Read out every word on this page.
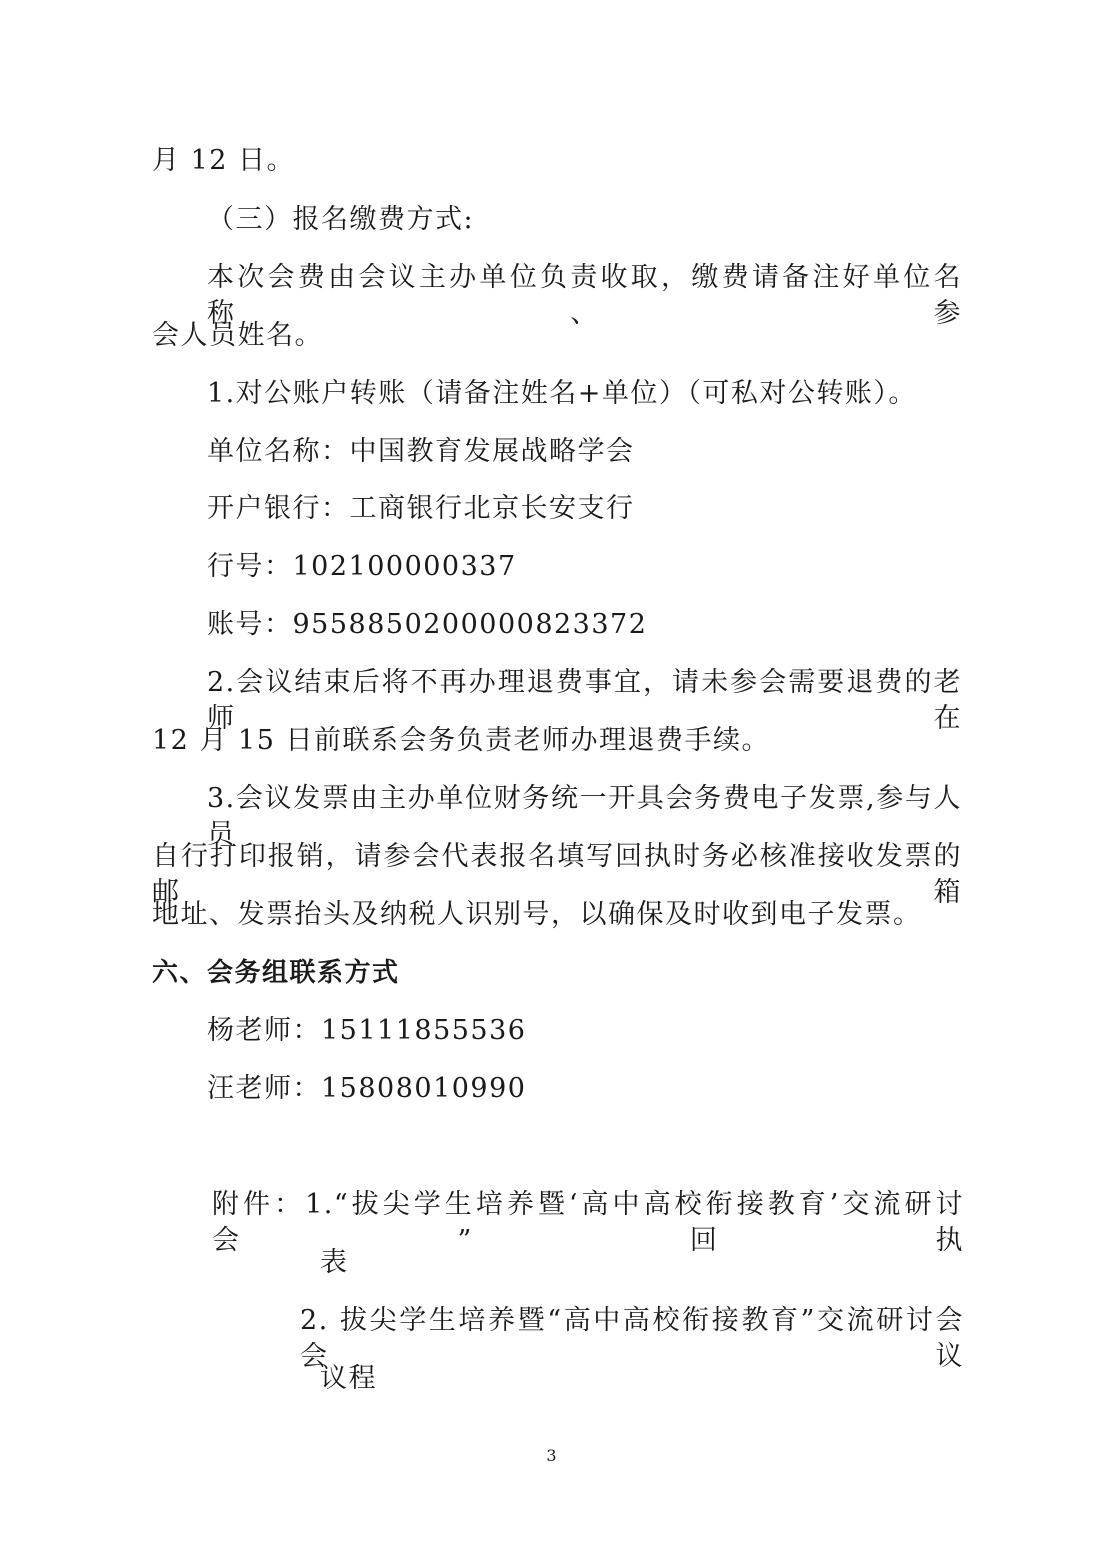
月 12 日。
（三）报名缴费方式:
本次会费由会议主办单位负责收取，缴费请备注好单位名称、参
会人员姓名。
1.对公账户转账（请备注姓名+单位）（可私对公转账）。
单位名称：中国教育发展战略学会
开户银行：工商银行北京长安支行
行号：102100000337
账号：9558850200000823372
2.会议结束后将不再办理退费事宜，请未参会需要退费的老师在
12 月 15 日前联系会务负责老师办理退费手续。
3.会议发票由主办单位财务统一开具会务费电子发票,参与人员
自行打印报销，请参会代表报名填写回执时务必核准接收发票的邮箱
地址、发票抬头及纳税人识别号，以确保及时收到电子发票。
六、会务组联系方式
杨老师：15111855536
汪老师：15808010990
附件：1.“拔尖学生培养暨‘高中高校衔接教育’交流研讨会”回执
表
2. 拔尖学生培养暨“高中高校衔接教育”交流研讨会会议
议程
3
